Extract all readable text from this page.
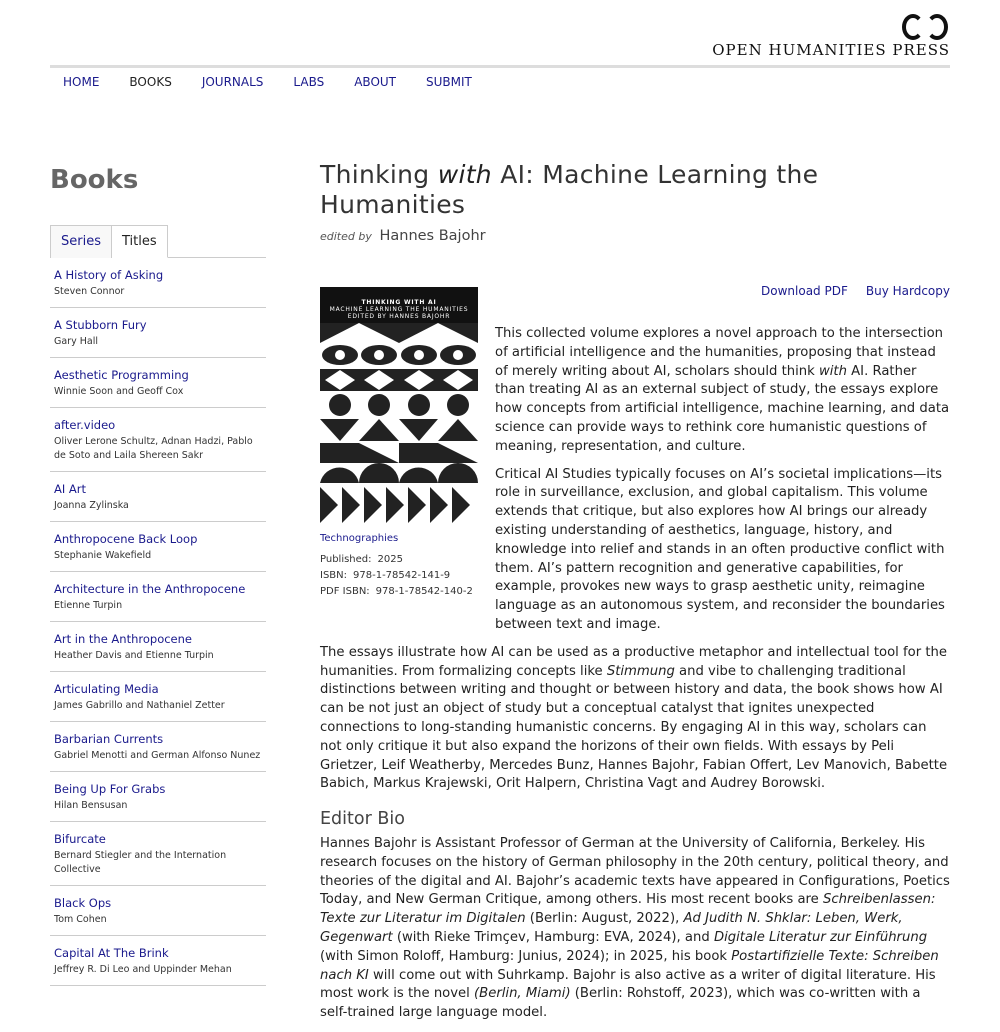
OPEN HUMANITIES PRESS
HOME	BOOKS	JOURNALS	LABS	ABOUT	SUBMIT
Books
Series	Titles
A History of Asking
Steven Connor
A Stubborn Fury
Gary Hall
Aesthetic Programming
Winnie Soon and Geoff Cox
after.video
Oliver Lerone Schultz, Adnan Hadzi, Pablo de Soto and Laila Shereen Sakr
AI Art
Joanna Zylinska
Anthropocene Back Loop
Stephanie Wakefield
Architecture in the Anthropocene
Etienne Turpin
Art in the Anthropocene
Heather Davis and Etienne Turpin
Articulating Media
James Gabrillo and Nathaniel Zetter
Barbarian Currents
Gabriel Menotti and German Alfonso Nunez
Being Up For Grabs
Hilan Bensusan
Bifurcate
Bernard Stiegler and the Internation Collective
Black Ops
Tom Cohen
Capital At The Brink
Jeffrey R. Di Leo and Uppinder Mehan
Thinking with AI: Machine Learning the Humanities
edited by Hannes Bajohr
Download PDF Buy Hardcopy
THINKING WITH AI
MACHINE LEARNING THE HUMANITIES
EDITED BY HANNES BAJOHR
Technographies
Published: 2025
ISBN: 978-1-78542-141-9
PDF ISBN: 978-1-78542-140-2

This collected volume explores a novel approach to the intersection of artificial intelligence and the humanities, proposing that instead of merely writing about AI, scholars should think with AI. Rather than treating AI as an external subject of study, the essays explore how concepts from artificial intelligence, machine learning, and data science can provide ways to rethink core humanistic questions of meaning, representation, and culture.

Critical AI Studies typically focuses on AI’s societal implications—its role in surveillance, exclusion, and global capitalism. This volume extends that critique, but also explores how AI brings our already existing understanding of aesthetics, language, history, and knowledge into relief and stands in an often productive conflict with them. AI’s pattern recognition and generative capabilities, for example, provokes new ways to grasp aesthetic unity, reimagine language as an autonomous system, and reconsider the boundaries between text and image.

The essays illustrate how AI can be used as a productive metaphor and intellectual tool for the humanities. From formalizing concepts like Stimmung and vibe to challenging traditional distinctions between writing and thought or between history and data, the book shows how AI can be not just an object of study but a conceptual catalyst that ignites unexpected connections to long-standing humanistic concerns. By engaging AI in this way, scholars can not only critique it but also expand the horizons of their own fields. With essays by Peli Grietzer, Leif Weatherby, Mercedes Bunz, Hannes Bajohr, Fabian Offert, Lev Manovich, Babette Babich, Markus Krajewski, Orit Halpern, Christina Vagt and Audrey Borowski.

Editor Bio

Hannes Bajohr is Assistant Professor of German at the University of California, Berkeley. His research focuses on the history of German philosophy in the 20th century, political theory, and theories of the digital and AI. Bajohr’s academic texts have appeared in Configurations, Poetics Today, and New German Critique, among others. His most recent books are Schreibenlassen: Texte zur Literatur im Digitalen (Berlin: August, 2022), Ad Judith N. Shklar: Leben, Werk, Gegenwart (with Rieke Trimçev, Hamburg: EVA, 2024), and Digitale Literatur zur Einführung (with Simon Roloff, Hamburg: Junius, 2024); in 2025, his book Postartifizielle Texte: Schreiben nach KI will come out with Suhrkamp. Bajohr is also active as a writer of digital literature. His most work is the novel (Berlin, Miami) (Berlin: Rohstoff, 2023), which was co-written with a self-trained large language model.
